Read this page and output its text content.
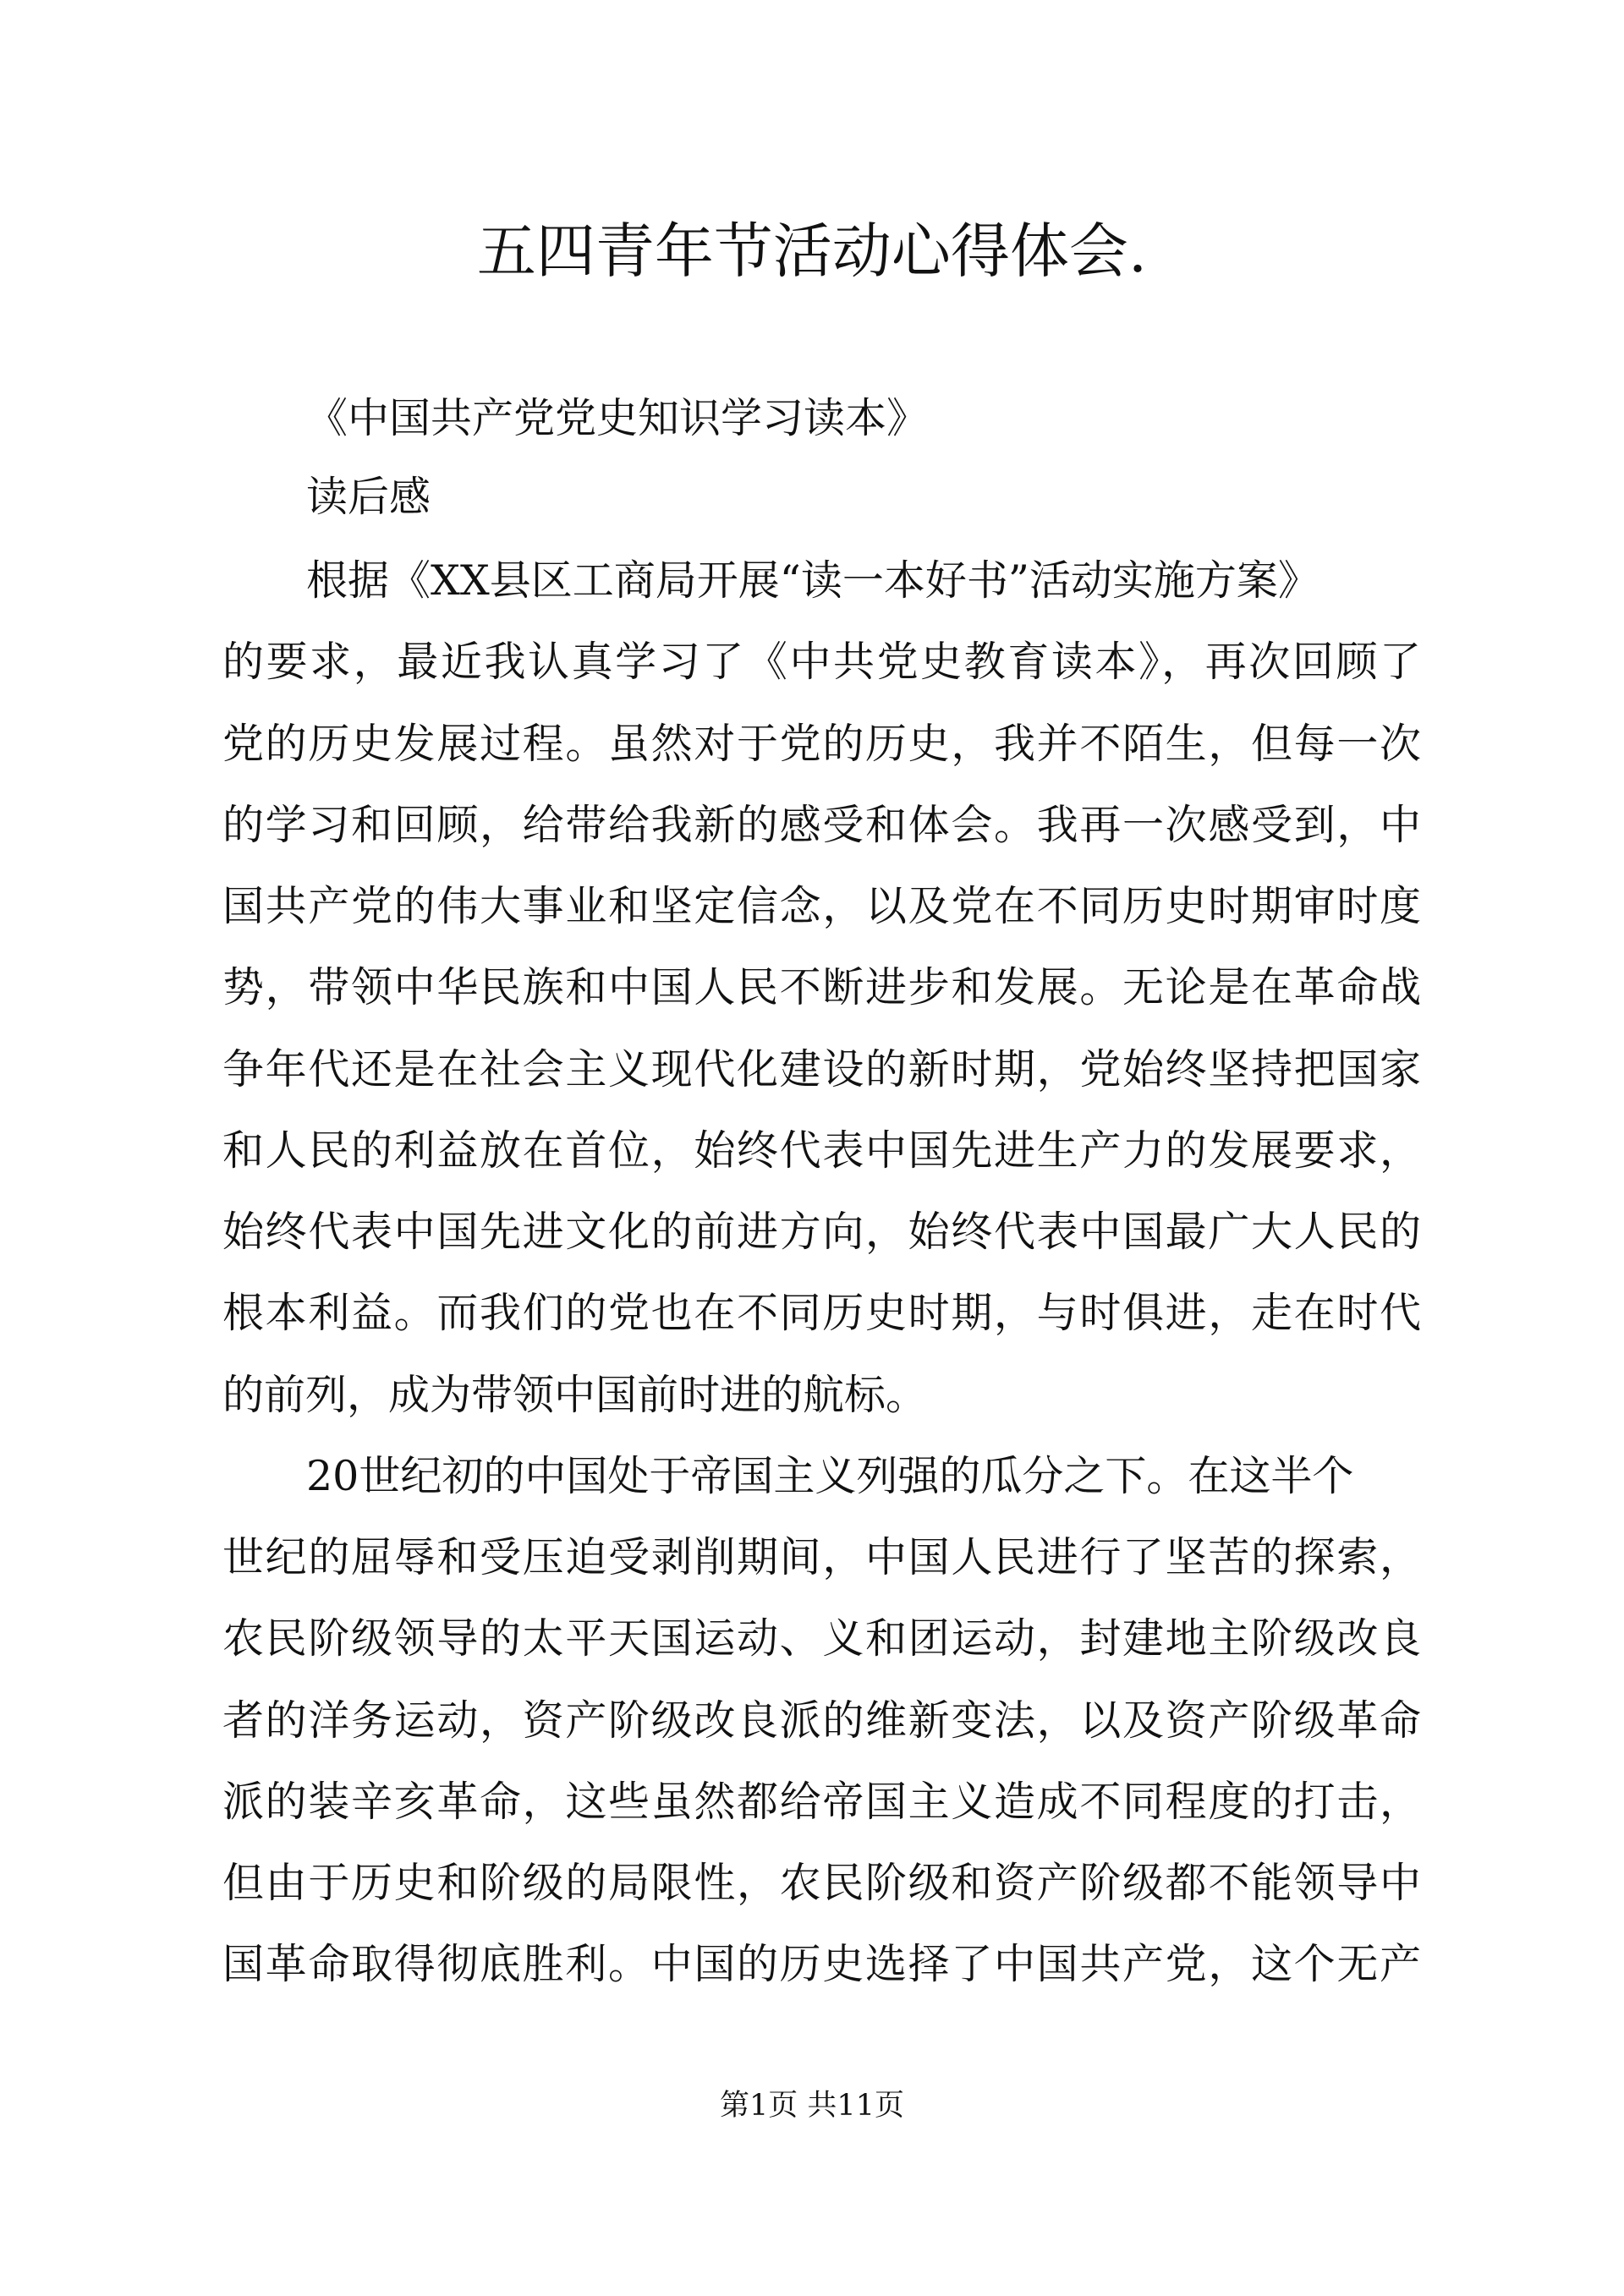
五四青年节活动心得体会.
《中国共产党党史知识学习读本》
读后感
根据《XX县区工商局开展“读一本好书”活动实施方案》
的要求，最近我认真学习了《中共党史教育读本》，再次回顾了
党的历史发展过程。虽然对于党的历史，我并不陌生，但每一次
的学习和回顾，给带给我新的感受和体会。我再一次感受到，中
国共产党的伟大事业和坚定信念，以及党在不同历史时期审时度
势，带领中华民族和中国人民不断进步和发展。无论是在革命战
争年代还是在社会主义现代化建设的新时期，党始终坚持把国家
和人民的利益放在首位，始终代表中国先进生产力的发展要求，
始终代表中国先进文化的前进方向，始终代表中国最广大人民的
根本利益。而我们的党也在不同历史时期，与时俱进，走在时代
的前列，成为带领中国前时进的航标。
20世纪初的中国处于帝国主义列强的瓜分之下。在这半个
世纪的屈辱和受压迫受剥削期间，中国人民进行了坚苦的探索，
农民阶级领导的太平天国运动、义和团运动，封建地主阶级改良
者的洋务运动，资产阶级改良派的维新变法，以及资产阶级革命
派的装辛亥革命，这些虽然都给帝国主义造成不同程度的打击，
但由于历史和阶级的局限性，农民阶级和资产阶级都不能领导中
国革命取得彻底胜利。中国的历史选择了中国共产党，这个无产
第1页 共11页
